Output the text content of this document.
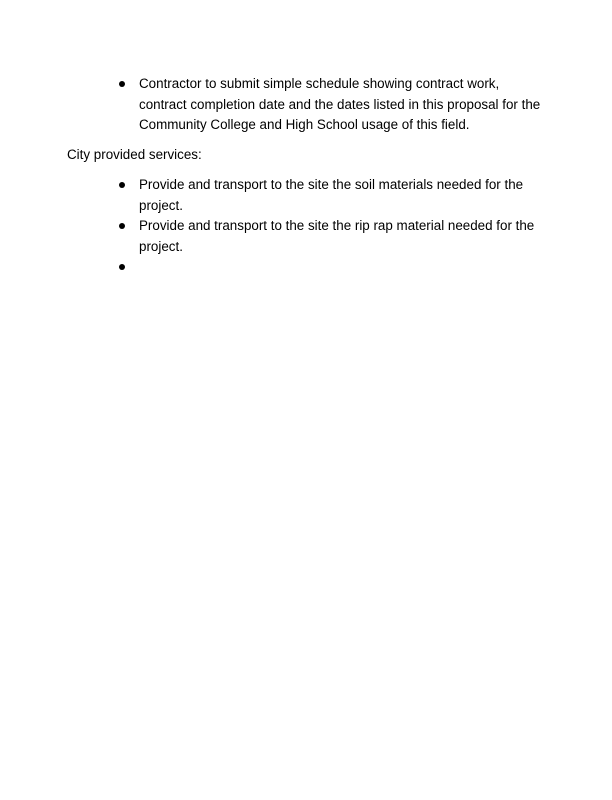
Contractor to submit simple schedule showing contract work, contract completion date and the dates listed in this proposal for the Community College and High School usage of this field.

City provided services:

Provide and transport to the site the soil materials needed for the project.
Provide and transport to the site the rip rap material needed for the project.
